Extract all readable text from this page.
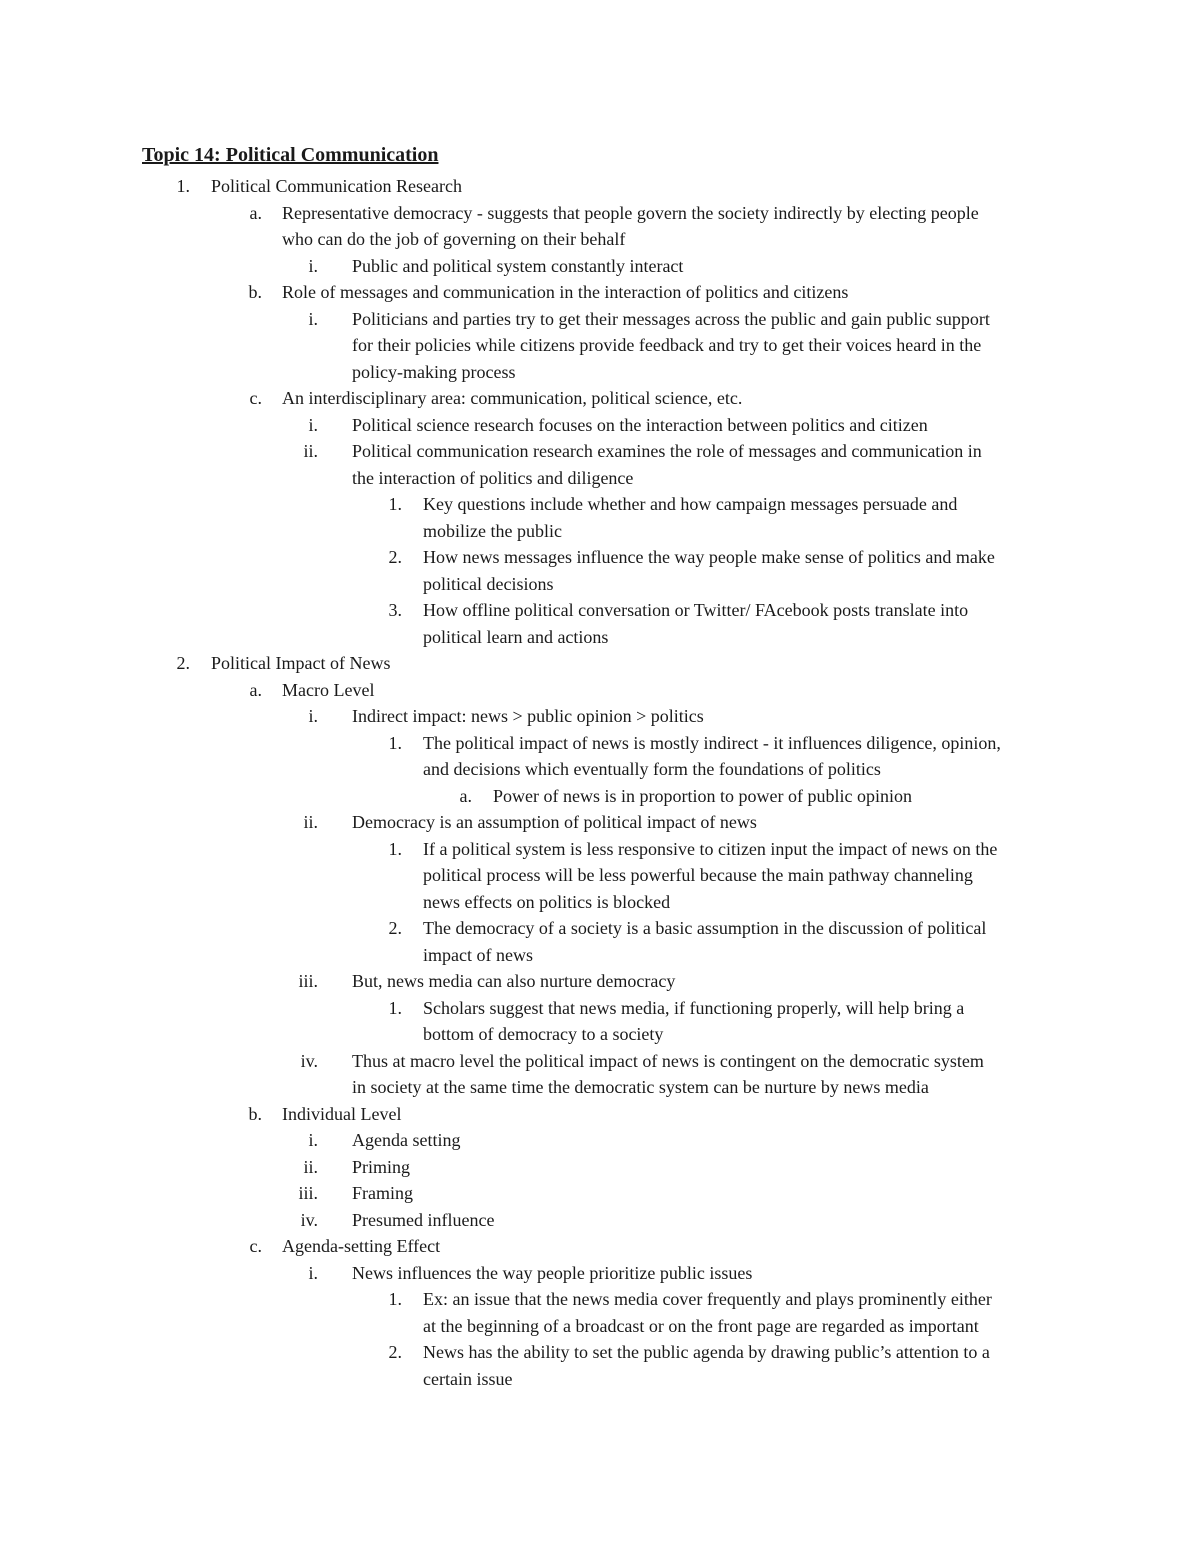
Topic 14: Political Communication
1. Political Communication Research
a. Representative democracy - suggests that people govern the society indirectly by electing people
who can do the job of governing on their behalf
i. Public and political system constantly interact
b. Role of messages and communication in the interaction of politics and citizens
i. Politicians and parties try to get their messages across the public and gain public support
for their policies while citizens provide feedback and try to get their voices heard in the
policy-making process
c. An interdisciplinary area: communication, political science, etc.
i. Political science research focuses on the interaction between politics and citizen
ii. Political communication research examines the role of messages and communication in
the interaction of politics and diligence
1. Key questions include whether and how campaign messages persuade and
mobilize the public
2. How news messages influence the way people make sense of politics and make
political decisions
3. How offline political conversation or Twitter/ FAcebook posts translate into
political learn and actions
2. Political Impact of News
a. Macro Level
i. Indirect impact: news > public opinion > politics
1. The political impact of news is mostly indirect - it influences diligence, opinion,
and decisions which eventually form the foundations of politics
a. Power of news is in proportion to power of public opinion
ii. Democracy is an assumption of political impact of news
1. If a political system is less responsive to citizen input the impact of news on the
political process will be less powerful because the main pathway channeling
news effects on politics is blocked
2. The democracy of a society is a basic assumption in the discussion of political
impact of news
iii. But, news media can also nurture democracy
1. Scholars suggest that news media, if functioning properly, will help bring a
bottom of democracy to a society
iv. Thus at macro level the political impact of news is contingent on the democratic system
in society at the same time the democratic system can be nurture by news media
b. Individual Level
i. Agenda setting
ii. Priming
iii. Framing
iv. Presumed influence
c. Agenda-setting Effect
i. News influences the way people prioritize public issues
1. Ex: an issue that the news media cover frequently and plays prominently either
at the beginning of a broadcast or on the front page are regarded as important
2. News has the ability to set the public agenda by drawing public’s attention to a
certain issue
